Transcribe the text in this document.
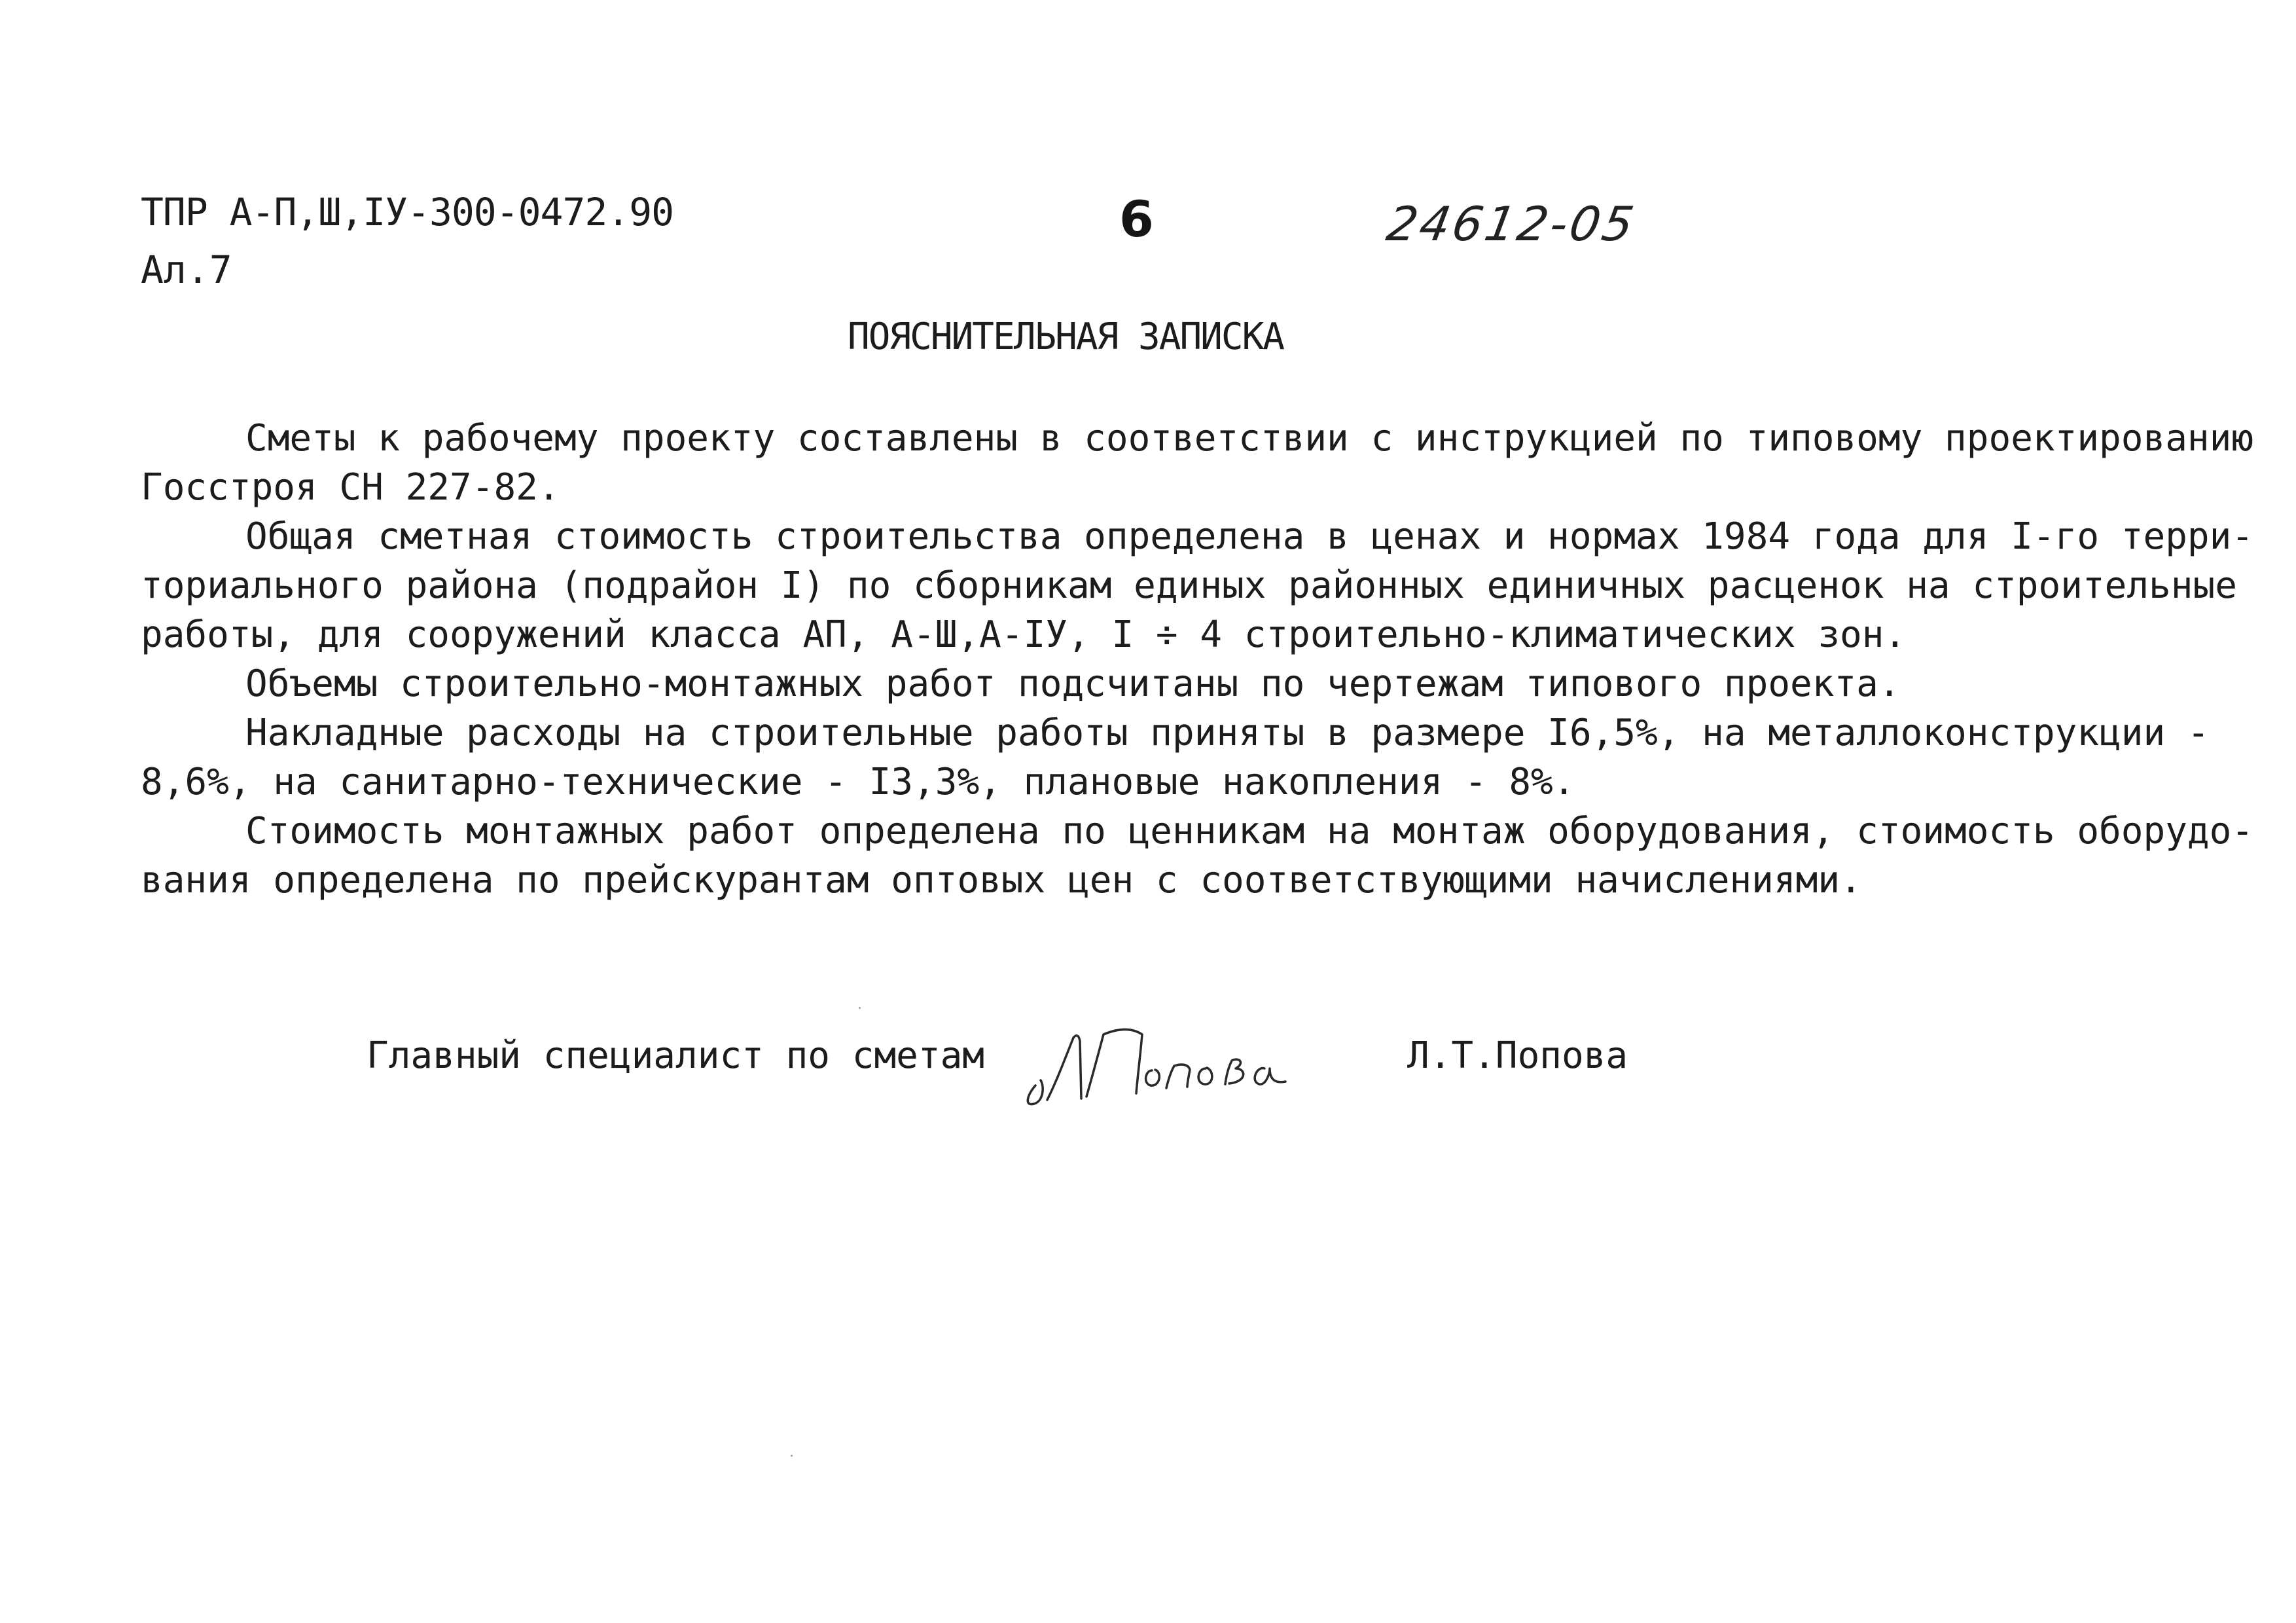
ТПР А-П,Ш,IУ-300-0472.90
Ал.7
6	24612-05
ПОЯСНИТЕЛЬНАЯ ЗАПИСКА
Сметы к рабочему проекту составлены в соответствии с инструкцией по типовому проектированию
Госстроя СН 227-82.
Общая сметная стоимость строительства определена в ценах и нормах 1984 года для I-го терри-
ториального района (подрайон I) по сборникам единых районных единичных расценок на строительные
работы, для сооружений класса АП, А-Ш,А-IУ, I ÷ 4 строительно-климатических зон.
Объемы строительно-монтажных работ подсчитаны по чертежам типового проекта.
Накладные расходы на строительные работы приняты в размере I6,5%, на металлоконструкции -
8,6%, на санитарно-технические - I3,3%, плановые накопления - 8%.
Стоимость монтажных работ определена по ценникам на монтаж оборудования, стоимость оборудо-
вания определена по прейскурантам оптовых цен с соответствующими начислениями.
Главный специалист по сметам	Л.Т.Попова
